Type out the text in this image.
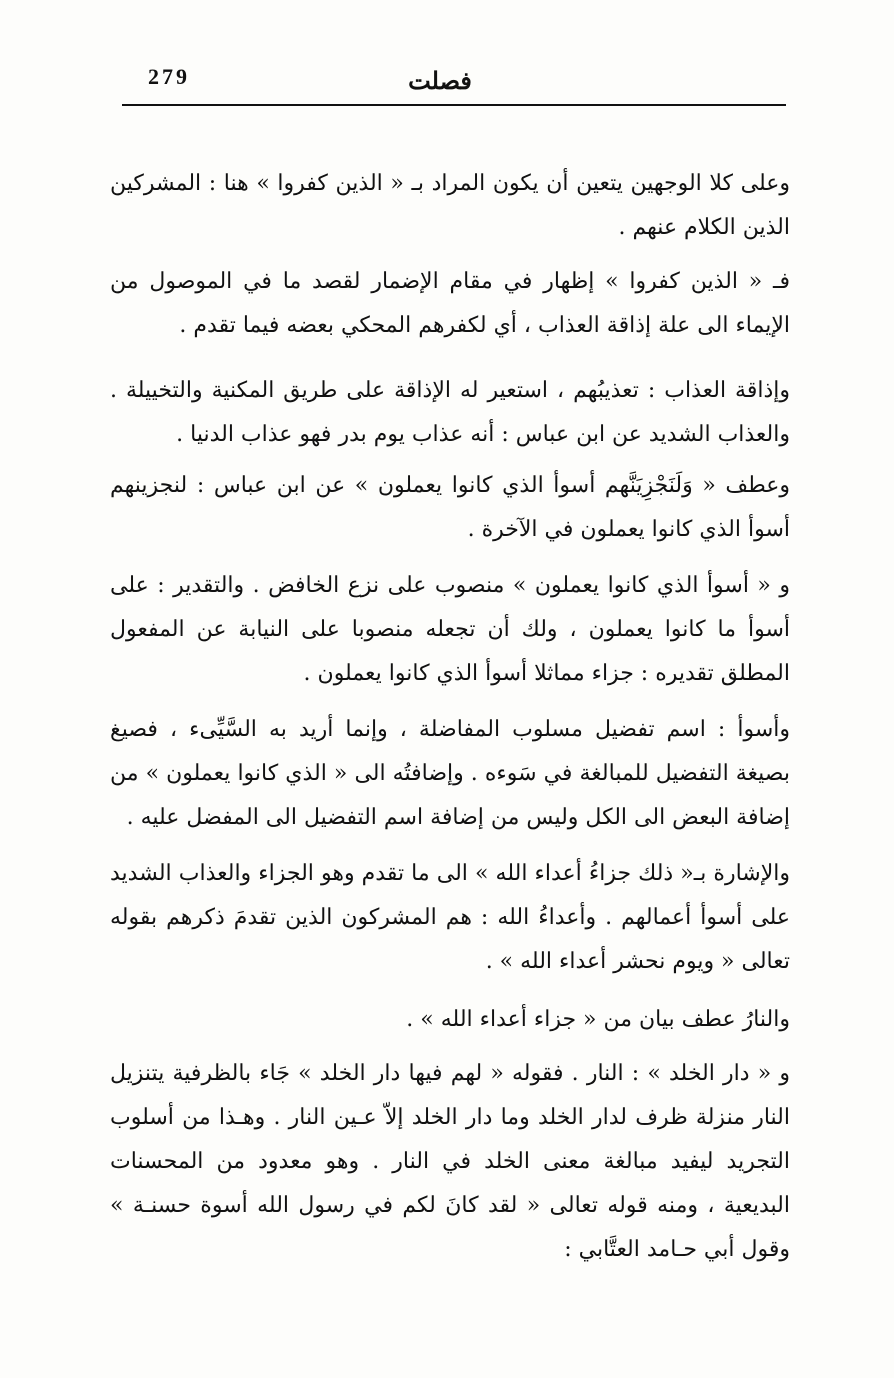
279	فصلت

وعلى كلا الوجهين يتعين أن يكون المراد بـ « الذين كفروا » هنا : المشركين الذين الكلام عنهم .

فـ « الذين كفروا » إظهار في مقام الإضمار لقصد ما في الموصول من الإيماء الى علة إذاقة العذاب ، أي لكفرهم المحكي بعضه فيما تقدم .

وإذاقة العذاب : تعذيبُهم ، استعير له الإذاقة على طريق المكنية والتخييلة . والعذاب الشديد عن ابن عباس : أنه عذاب يوم بدر فهو عذاب الدنيا .

وعطف « وَلَنَجْزِيَنَّهم أسوأ الذي كانوا يعملون » عن ابن عباس : لنجزينهم أسوأ الذي كانوا يعملون في الآخرة .

و « أسوأ الذي كانوا يعملون » منصوب على نزع الخافض . والتقدير : على أسوأ ما كانوا يعملون ، ولك أن تجعله منصوبا على النيابة عن المفعول المطلق تقديره : جزاء مماثلا أسوأ الذي كانوا يعملون .

وأسوأ : اسم تفضيل مسلوب المفاضلة ، وإنما أريد به السَّيِّىء ، فصيغ بصيغة التفضيل للمبالغة في سَوءه . وإضافتُه الى « الذي كانوا يعملون » من إضافة البعض الى الكل وليس من إضافة اسم التفضيل الى المفضل عليه .

والإشارة بـ« ذلك جزاءُ أعداء الله » الى ما تقدم وهو الجزاء والعذاب الشديد على أسوأ أعمالهم . وأعداءُ الله : هم المشركون الذين تقدمَ ذكرهم بقوله تعالى « ويوم نحشر أعداء الله » .

والنارُ عطف بيان من « جزاء أعداء الله » .

و « دار الخلد » : النار . فقوله « لهم فيها دار الخلد » جَاء بالظرفية يتنزيل النار منزلة ظرف لدار الخلد وما دار الخلد إلاّ عـين النار . وهـذا من أسلوب التجريد ليفيد مبالغة معنى الخلد في النار . وهو معدود من المحسنات البديعية ، ومنه قوله تعالى « لقد كانَ لكم في رسول الله أسوة حسنـة » وقول أبي حـامد العتَّابي :
